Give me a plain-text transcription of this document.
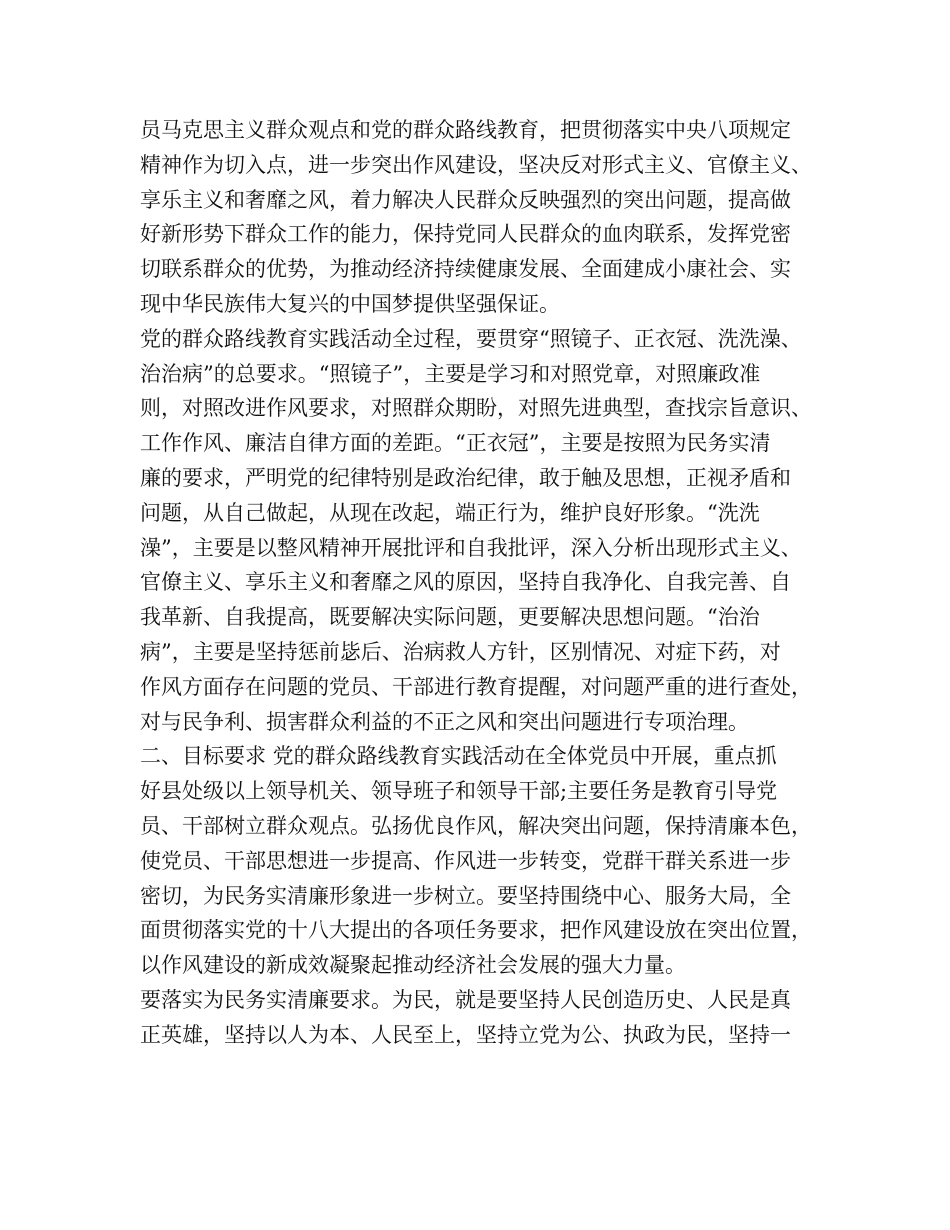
员马克思主义群众观点和党的群众路线教育，把贯彻落实中央八项规定
精神作为切入点，进一步突出作风建设，坚决反对形式主义、官僚主义、
享乐主义和奢靡之风，着力解决人民群众反映强烈的突出问题，提高做
好新形势下群众工作的能力，保持党同人民群众的血肉联系，发挥党密
切联系群众的优势，为推动经济持续健康发展、全面建成小康社会、实
现中华民族伟大复兴的中国梦提供坚强保证。
党的群众路线教育实践活动全过程，要贯穿“照镜子、正衣冠、洗洗澡、
治治病”的总要求。“照镜子”，主要是学习和对照党章，对照廉政准
则，对照改进作风要求，对照群众期盼，对照先进典型，查找宗旨意识、
工作作风、廉洁自律方面的差距。“正衣冠”，主要是按照为民务实清
廉的要求，严明党的纪律特别是政治纪律，敢于触及思想，正视矛盾和
问题，从自己做起，从现在改起，端正行为，维护良好形象。“洗洗
澡”，主要是以整风精神开展批评和自我批评，深入分析出现形式主义、
官僚主义、享乐主义和奢靡之风的原因，坚持自我净化、自我完善、自
我革新、自我提高，既要解决实际问题，更要解决思想问题。“治治
病”，主要是坚持惩前毖后、治病救人方针，区别情况、对症下药，对
作风方面存在问题的党员、干部进行教育提醒，对问题严重的进行查处，
对与民争利、损害群众利益的不正之风和突出问题进行专项治理。
二、目标要求 党的群众路线教育实践活动在全体党员中开展，重点抓
好县处级以上领导机关、领导班子和领导干部;主要任务是教育引导党
员、干部树立群众观点。弘扬优良作风，解决突出问题，保持清廉本色，
使党员、干部思想进一步提高、作风进一步转变，党群干群关系进一步
密切，为民务实清廉形象进一步树立。要坚持围绕中心、服务大局，全
面贯彻落实党的十八大提出的各项任务要求，把作风建设放在突出位置，
以作风建设的新成效凝聚起推动经济社会发展的强大力量。
要落实为民务实清廉要求。为民，就是要坚持人民创造历史、人民是真
正英雄，坚持以人为本、人民至上，坚持立党为公、执政为民，坚持一
